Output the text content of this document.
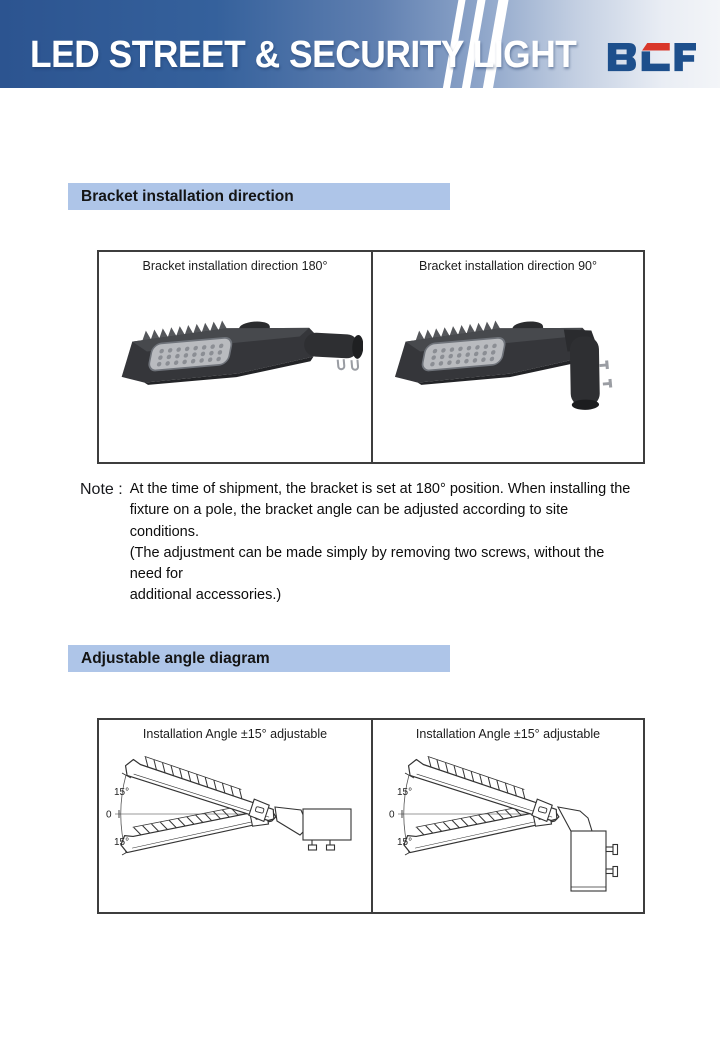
LED STREET & SECURITY LIGHT
Bracket installation direction
Bracket installation direction 180°	Bracket installation direction 90°
Note : At the time of shipment, the bracket is set at 180° position. When installing the
fixture on a pole, the bracket angle can be adjusted according to site conditions.
(The adjustment can be made simply by removing two screws, without the need for
additional accessories.)
Adjustable angle diagram
Installation Angle ±15° adjustable
15°
0
15°
Installation Angle ±15° adjustable
15°
0
15°
